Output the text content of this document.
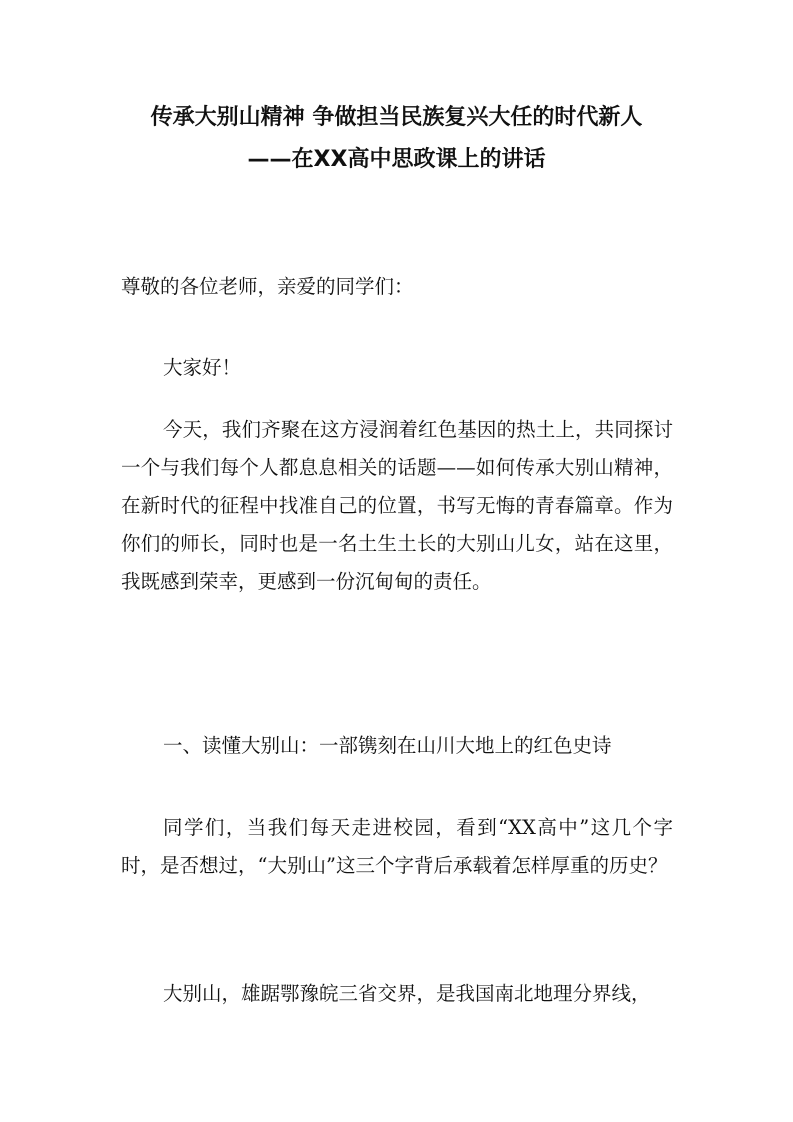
传承大别山精神 争做担当民族复兴大任的时代新人
——在XX高中思政课上的讲话

尊敬的各位老师，亲爱的同学们：

大家好！

今天，我们齐聚在这方浸润着红色基因的热土上，共同探讨一个与我们每个人都息息相关的话题——如何传承大别山精神，在新时代的征程中找准自己的位置，书写无悔的青春篇章。作为你们的师长，同时也是一名土生土长的大别山儿女，站在这里，我既感到荣幸，更感到一份沉甸甸的责任。

一、读懂大别山：一部镌刻在山川大地上的红色史诗

同学们，当我们每天走进校园，看到“XX高中”这几个字时，是否想过，“大别山”这三个字背后承载着怎样厚重的历史？

大别山，雄踞鄂豫皖三省交界，是我国南北地理分界线，
